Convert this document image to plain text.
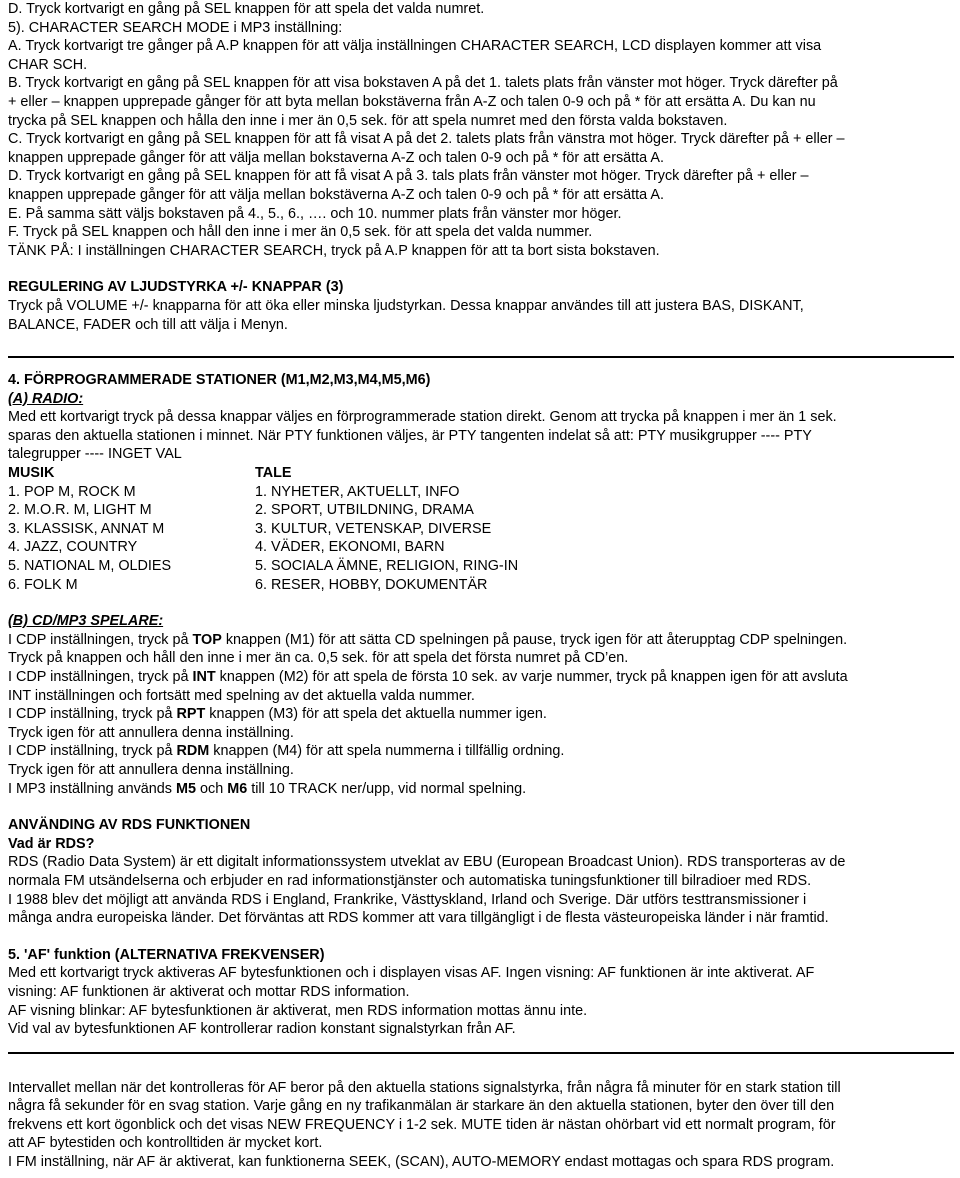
D. Tryck kortvarigt en gång på SEL knappen för att spela det valda numret.
5). CHARACTER SEARCH MODE i MP3 inställning:
A. Tryck kortvarigt tre gånger på A.P knappen för att välja inställningen CHARACTER SEARCH, LCD displayen kommer att visa
CHAR SCH.
B. Tryck kortvarigt en gång på SEL knappen för att visa bokstaven A på det 1. talets plats från vänster mot höger. Tryck därefter på
+ eller – knappen upprepade gånger för att byta mellan bokstäverna från A-Z och talen 0-9 och på * för att ersätta A. Du kan nu
trycka på SEL knappen och hålla den inne i mer än 0,5 sek. för att spela numret med den första valda bokstaven.
C. Tryck kortvarigt en gång på SEL knappen för att få visat A på det 2. talets plats från vänstra mot höger. Tryck därefter på + eller –
knappen upprepade gånger för att välja mellan bokstaverna A-Z och talen 0-9 och på * för att ersätta A.
D. Tryck kortvarigt en gång på SEL knappen för att få visat A på 3. tals plats från vänster mot höger. Tryck därefter på + eller –
knappen upprepade gånger för att välja mellan bokstäverna A-Z och talen 0-9 och på * för att ersätta A.
E. På samma sätt väljs bokstaven på 4., 5., 6., …. och 10. nummer plats från vänster mor höger.
F. Tryck på SEL knappen och håll den inne i mer än 0,5 sek. för att spela det valda nummer.
TÄNK PÅ: I inställningen CHARACTER SEARCH, tryck på A.P knappen för att ta bort sista bokstaven.
REGULERING AV LJUDSTYRKA +/- KNAPPAR (3)
Tryck på VOLUME +/- knapparna för att öka eller minska ljudstyrkan. Dessa knappar användes till att justera BAS, DISKANT,
BALANCE, FADER och till att välja i Menyn.
4. FÖRPROGRAMMERADE STATIONER (M1,M2,M3,M4,M5,M6)
(A) RADIO:
Med ett kortvarigt tryck på dessa knappar väljes en förprogrammerade station direkt. Genom att trycka på knappen i mer än 1 sek.
sparas den aktuella stationen i minnet. När PTY funktionen väljes, är PTY tangenten indelat så att: PTY musikgrupper ---- PTY
talegrupper ---- INGET VAL
MUSIK
1. POP M, ROCK M
2. M.O.R. M, LIGHT M
3. KLASSISK, ANNAT M
4. JAZZ, COUNTRY
5. NATIONAL M, OLDIES
6. FOLK M
TALE
1. NYHETER, AKTUELLT, INFO
2. SPORT, UTBILDNING, DRAMA
3. KULTUR, VETENSKAP, DIVERSE
4. VÄDER, EKONOMI, BARN
5. SOCIALA ÄMNE, RELIGION, RING-IN
6. RESER, HOBBY, DOKUMENTÄR
(B) CD/MP3 SPELARE:
I CDP inställningen, tryck på TOP knappen (M1) för att sätta CD spelningen på pause, tryck igen för att återupptag CDP spelningen.
Tryck på knappen och håll den inne i mer än ca. 0,5 sek. för att spela det första numret på CD’en.
I CDP inställningen, tryck på INT knappen (M2) för att spela de första 10 sek. av varje nummer, tryck på knappen igen för att avsluta
INT inställningen och fortsätt med spelning av det aktuella valda nummer.
I CDP inställning, tryck på RPT knappen (M3) för att spela det aktuella nummer igen.
Tryck igen för att annullera denna inställning.
I CDP inställning, tryck på RDM knappen (M4) för att spela nummerna i tillfällig ordning.
Tryck igen för att annullera denna inställning.
I MP3 inställning används M5 och M6 till 10 TRACK ner/upp, vid normal spelning.
ANVÄNDING AV RDS FUNKTIONEN
Vad är RDS?
RDS (Radio Data System) är ett digitalt informationssystem utveklat av EBU (European Broadcast Union). RDS transporteras av de
normala FM utsändelserna och erbjuder en rad informationstjänster och automatiska tuningsfunktioner till bilradioer med RDS.
I 1988 blev det möjligt att använda RDS i England, Frankrike, Västtyskland, Irland och Sverige. Där utförs testtransmissioner i
många andra europeiska länder. Det förväntas att RDS kommer att vara tillgängligt i de flesta västeuropeiska länder i när framtid.
5. 'AF' funktion (ALTERNATIVA FREKVENSER)
Med ett kortvarigt tryck aktiveras AF bytesfunktionen och i displayen visas AF. Ingen visning: AF funktionen är inte aktiverat. AF
visning: AF funktionen är aktiverat och mottar RDS information.
AF visning blinkar: AF bytesfunktionen är aktiverat, men RDS information mottas ännu inte.
Vid val av bytesfunktionen AF kontrollerar radion konstant signalstyrkan från AF.
Intervallet mellan när det kontrolleras för AF beror på den aktuella stations signalstyrka, från några få minuter för en stark station till
några få sekunder för en svag station. Varje gång en ny trafikanmälan är starkare än den aktuella stationen, byter den över till den
frekvens ett kort ögonblick och det visas NEW FREQUENCY i 1-2 sek. MUTE tiden är nästan ohörbart vid ett normalt program, för
att AF bytestiden och kontrolltiden är mycket kort.
I FM inställning, när AF är aktiverat, kan funktionerna SEEK, (SCAN), AUTO-MEMORY endast mottagas och spara RDS program.
